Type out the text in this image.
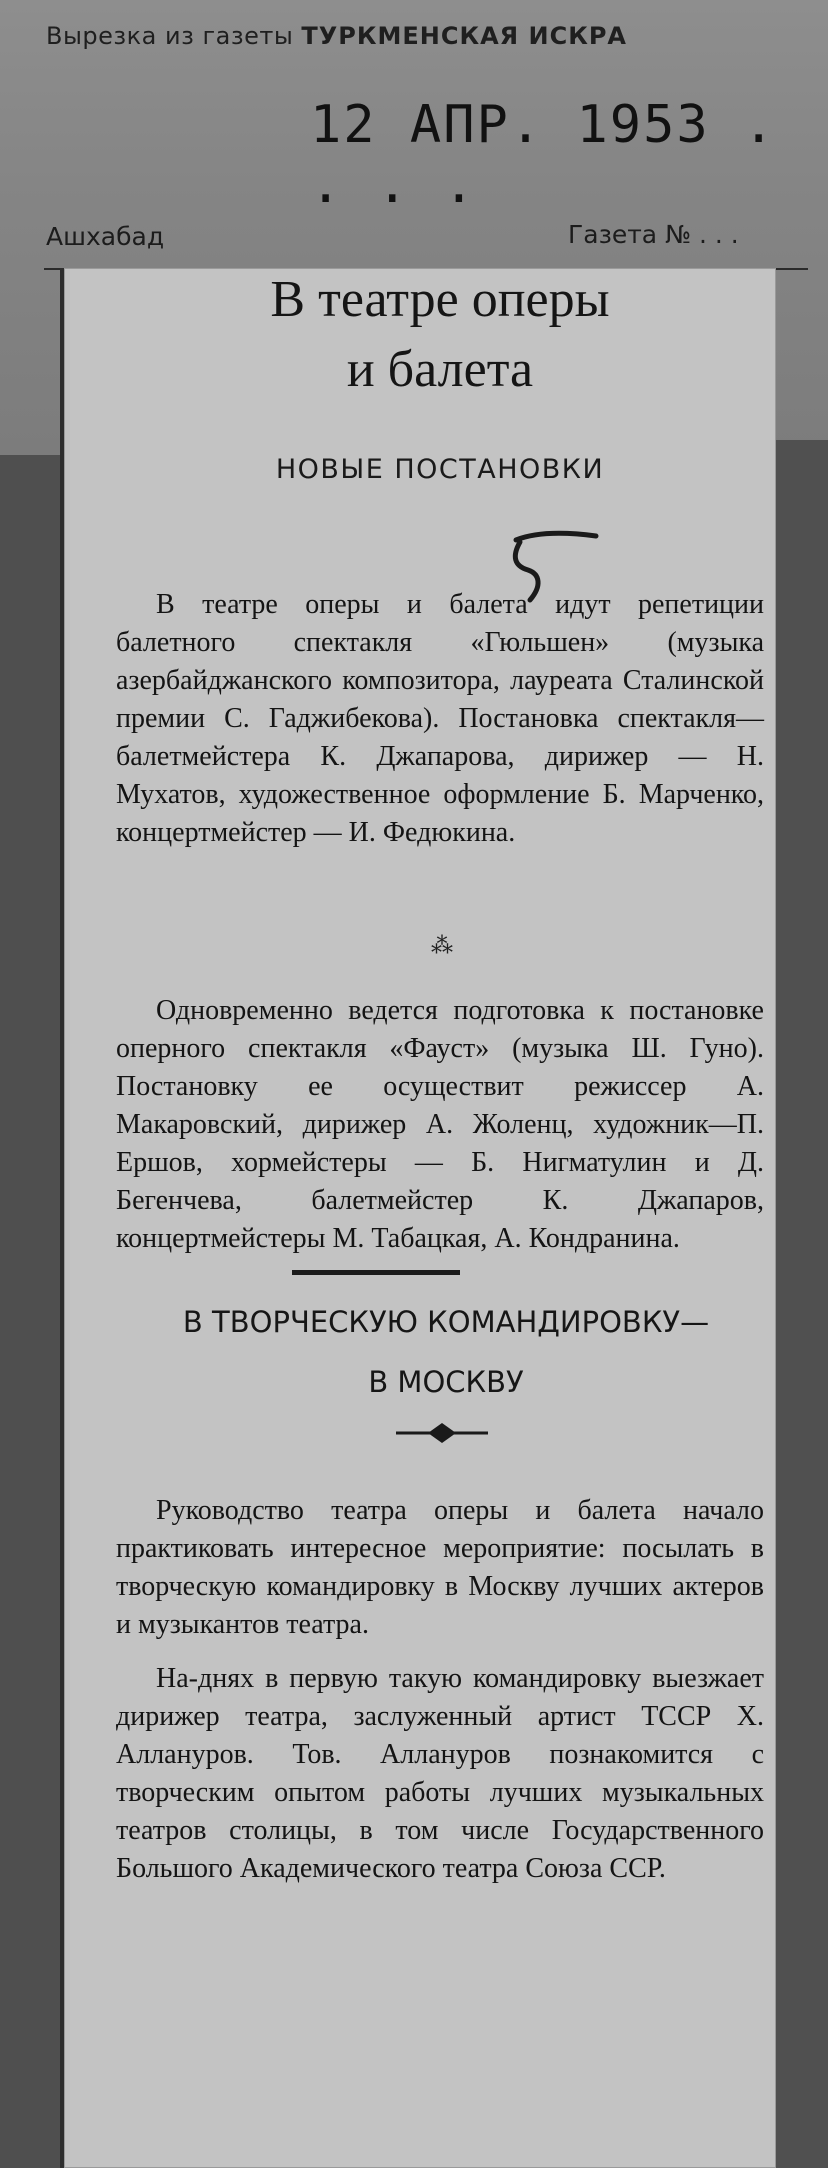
Вырезка из газеты ТУРКМЕНСКАЯ ИСКРА
12 АПР. 1953 . . . .
Ашхабад	Газета № . . .
В театре оперы
и балета
НОВЫЕ ПОСТАНОВКИ

В театре оперы и балета идут репетиции балетного спектакля «Гюльшен» (музыка азербайджанского композитора, лауреата Сталинской премии С. Гаджибекова). Постановка спектакля—балетмейстера К. Джапарова, дирижер — Н. Мухатов, художественное оформление Б. Марченко, концертмейстер — И. Федюкина.

⁂

Одновременно ведется подготовка к постановке оперного спектакля «Фауст» (музыка Ш. Гуно). Постановку ее осуществит режиссер А. Макаровский, дирижер А. Жоленц, художник—П. Ершов, хормейстеры — Б. Нигматулин и Д. Бегенчева, балетмейстер К. Джапаров, концертмейстеры М. Табацкая, А. Кондранина.

В ТВОРЧЕСКУЮ КОМАНДИРОВКУ—
В МОСКВУ

Руководство театра оперы и балета начало практиковать интересное мероприятие: посылать в творческую командировку в Москву лучших актеров и музыкантов театра.

На-днях в первую такую командировку выезжает дирижер театра, заслуженный артист ТССР Х. Аллануров. Тов. Аллануров познакомится с творческим опытом работы лучших музыкальных театров столицы, в том числе Государственного Большого Академического театра Союза ССР.
